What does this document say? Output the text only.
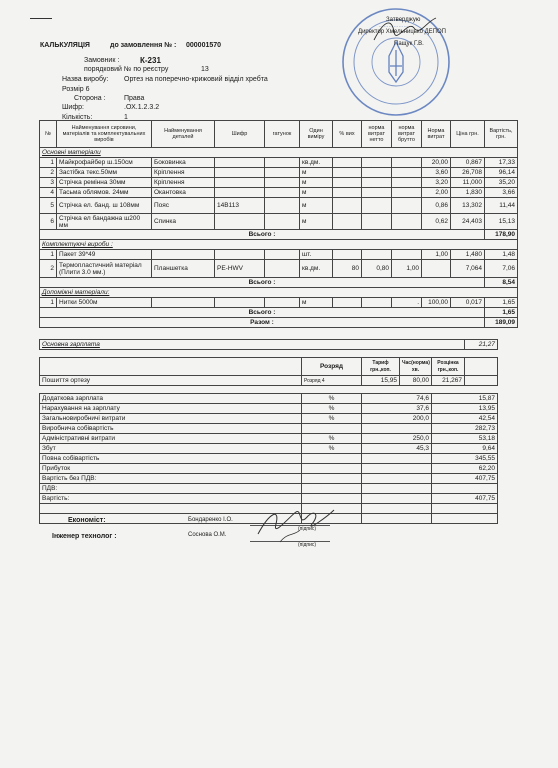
·····················
Затверджую
Директор Хмельницько ДЕПОП
Пащук Г.В.
КАЛЬКУЛЯЦІЯ	до замовлення № : 000001570
Замовник :	К-231
порядковий № по реєстру	13
Назва виробу: Ортез на поперечно-крижовий відділ хребта
Розмір 6
Сторона :	Права
Шифр:	.ОХ.1.2.3.2
Кількість:	1
№	Найменування сировини, матеріалів та комплектувальних виробів	Найменування деталей	Шифр	гатунок	Один виміру	% вих	норма витрат нетто	норма витрат брутто	Норма витрат	Ціна грн.	Вартість, грн.
Основні матеріали											
1	Майкрофайбер ш.150см	Боковинка			кв.дм.				20,00	0,867	17,33
2	Застібка текс.50мм	Кріплення			м				3,60	26,708	96,14
3	Стрічка ремінна 30мм	Кріплення			м				3,20	11,000	35,20
4	Тасьма облямов. 24мм	Окантовка			м				2,00	1,830	3,66
5	Стрічка ел. банд. ш 108мм	Пояс	14В113		м				0,86	13,302	11,44
6	Стрічка ел бандажна ш200 мм	Спинка			м				0,62	24,403	15,13
Всього :											178,90
Комплектуючі вироби :											
1	Пакет 39*49				шт.				1,00	1,480	1,48
2	Термопластичний матеріал (Плити 3.0 мм.)	Планшетка	PE-HWV		кв.дм.	80	0,80	1,00		7,064	7,06
Всього :											8,54
Допоміжні матеріали:											
1	Нитки 5000м				м			.	100,00	0,017	1,65
Всього :											1,65
Разом :											189,09
Основна зарплата	21,27
	Розряд	Тариф грн.,коп.	Час(норма) хв.	Розцінка грн.,коп.	
Пошиття ортезу	Розряд 4	15,95	80,00	21,267	
Додаткова зарплата	%	74,6	15,87
Нарахування на зарплату	%	37,6	13,95
Загальновиробничі витрати	%	200,0	42,54
Виробнича собівартість			282,73
Адміністративні витрати	%	250,0	53,18
Збут	%	45,3	9,64
Повна собівартість			345,55
Прибуток			62,20
Вартість без ПДВ:			407,75
ПДВ:			
Вартість:			407,75

Економіст:	Бондаренко І.О.
Інженер технолог :	Соснова О.М.
(підпис)
(підпис)
